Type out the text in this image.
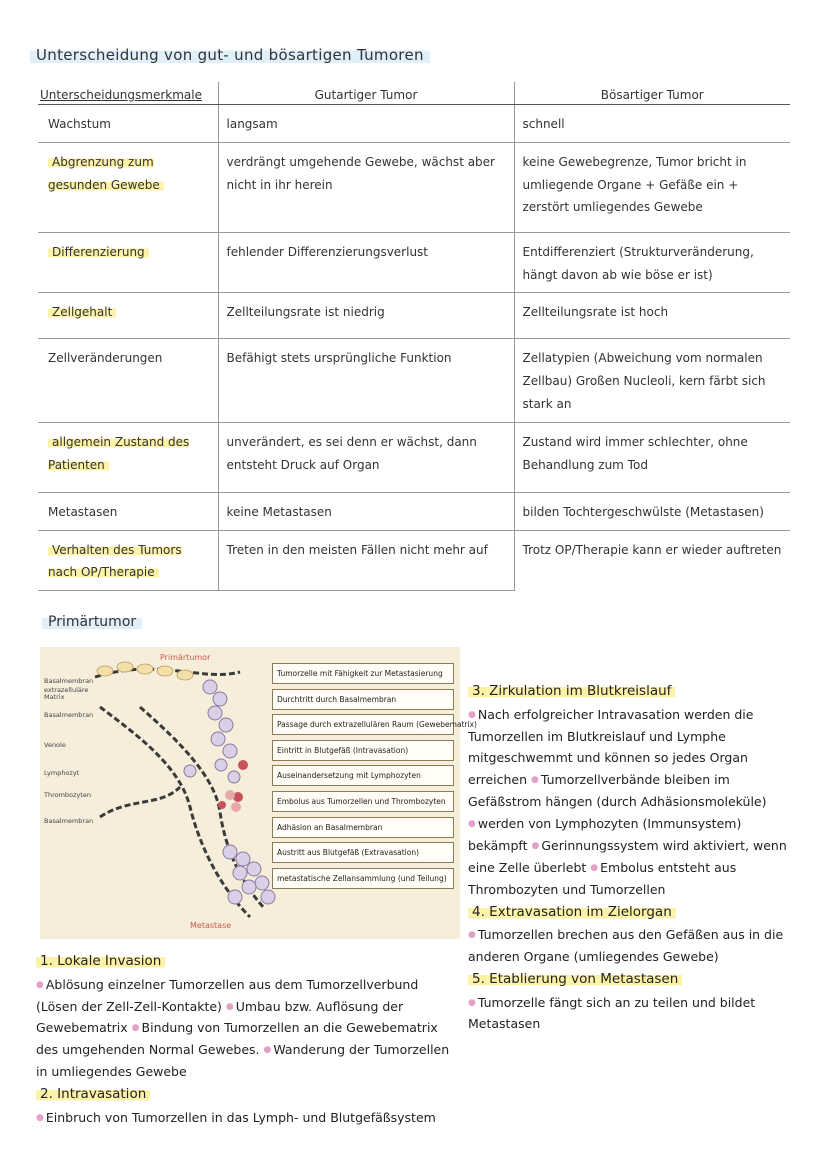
Unterscheidung von gut- und bösartigen Tumoren
Unterscheidungsmerkmale	Gutartiger Tumor	Bösartiger Tumor
Wachstum	langsam	schnell
Abgrenzung zum gesunden Gewebe	verdrängt umgehende Gewebe, wächst aber nicht in ihr herein	keine Gewebegrenze, Tumor bricht in umliegende Organe + Gefäße ein + zerstört umliegendes Gewebe
Differenzierung	fehlender Differenzierungsverlust	Entdifferenziert (Strukturveränderung, hängt davon ab wie böse er ist)
Zellgehalt	Zellteilungsrate ist niedrig	Zellteilungsrate ist hoch
Zellveränderungen	Befähigt stets ursprüngliche Funktion	Zellatypien (Abweichung vom normalen Zellbau) Großen Nucleoli, kern färbt sich stark an
allgemein Zustand des Patienten	unverändert, es sei denn er wächst, dann entsteht Druck auf Organ	Zustand wird immer schlechter, ohne Behandlung zum Tod
Metastasen	keine Metastasen	bilden Tochtergeschwülste (Metastasen)
Verhalten des Tumors nach OP/Therapie	Treten in den meisten Fällen nicht mehr auf	Trotz OP/Therapie kann er wieder auftreten
Primärtumor
Primärtumor
Metastase
Basalmembran
extrazelluläre Matrix
Basalmembran
Venole
Lymphozyt
Thrombozyten
Basalmembran
Tumorzelle mit Fähigkeit zur Metastasierung
Durchtritt durch Basalmembran
Passage durch extrazellulären Raum (Gewebematrix)
Eintritt in Blutgefäß (Intravasation)
Auseinandersetzung mit Lymphozyten
Embolus aus Tumorzellen und Thrombozyten
Adhäsion an Basalmembran
Austritt aus Blutgefäß (Extravasation)
metastatische Zellansammlung (und Teilung)

1. Lokale Invasion

● Ablösung einzelner Tumorzellen aus dem Tumorzellverbund (Lösen der Zell-Zell-Kontakte) ● Umbau bzw. Auflösung der Gewebematrix ● Bindung von Tumorzellen an die Gewebematrix des umgehenden Normal Gewebes. ● Wanderung der Tumorzellen in umliegendes Gewebe

2. Intravasation

● Einbruch von Tumorzellen in das Lymph- und Blutgefäßsystem

3. Zirkulation im Blutkreislauf

● Nach erfolgreicher Intravasation werden die Tumorzellen im Blutkreislauf und Lymphe mitgeschwemmt und können so jedes Organ erreichen ● Tumorzellverbände bleiben im Gefäßstrom hängen (durch Adhäsionsmoleküle) ● werden von Lymphozyten (Immunsystem) bekämpft ● Gerinnungssystem wird aktiviert, wenn eine Zelle überlebt ● Embolus entsteht aus Thrombozyten und Tumorzellen

4. Extravasation im Zielorgan

● Tumorzellen brechen aus den Gefäßen aus in die anderen Organe (umliegendes Gewebe)

5. Etablierung von Metastasen

● Tumorzelle fängt sich an zu teilen und bildet Metastasen
